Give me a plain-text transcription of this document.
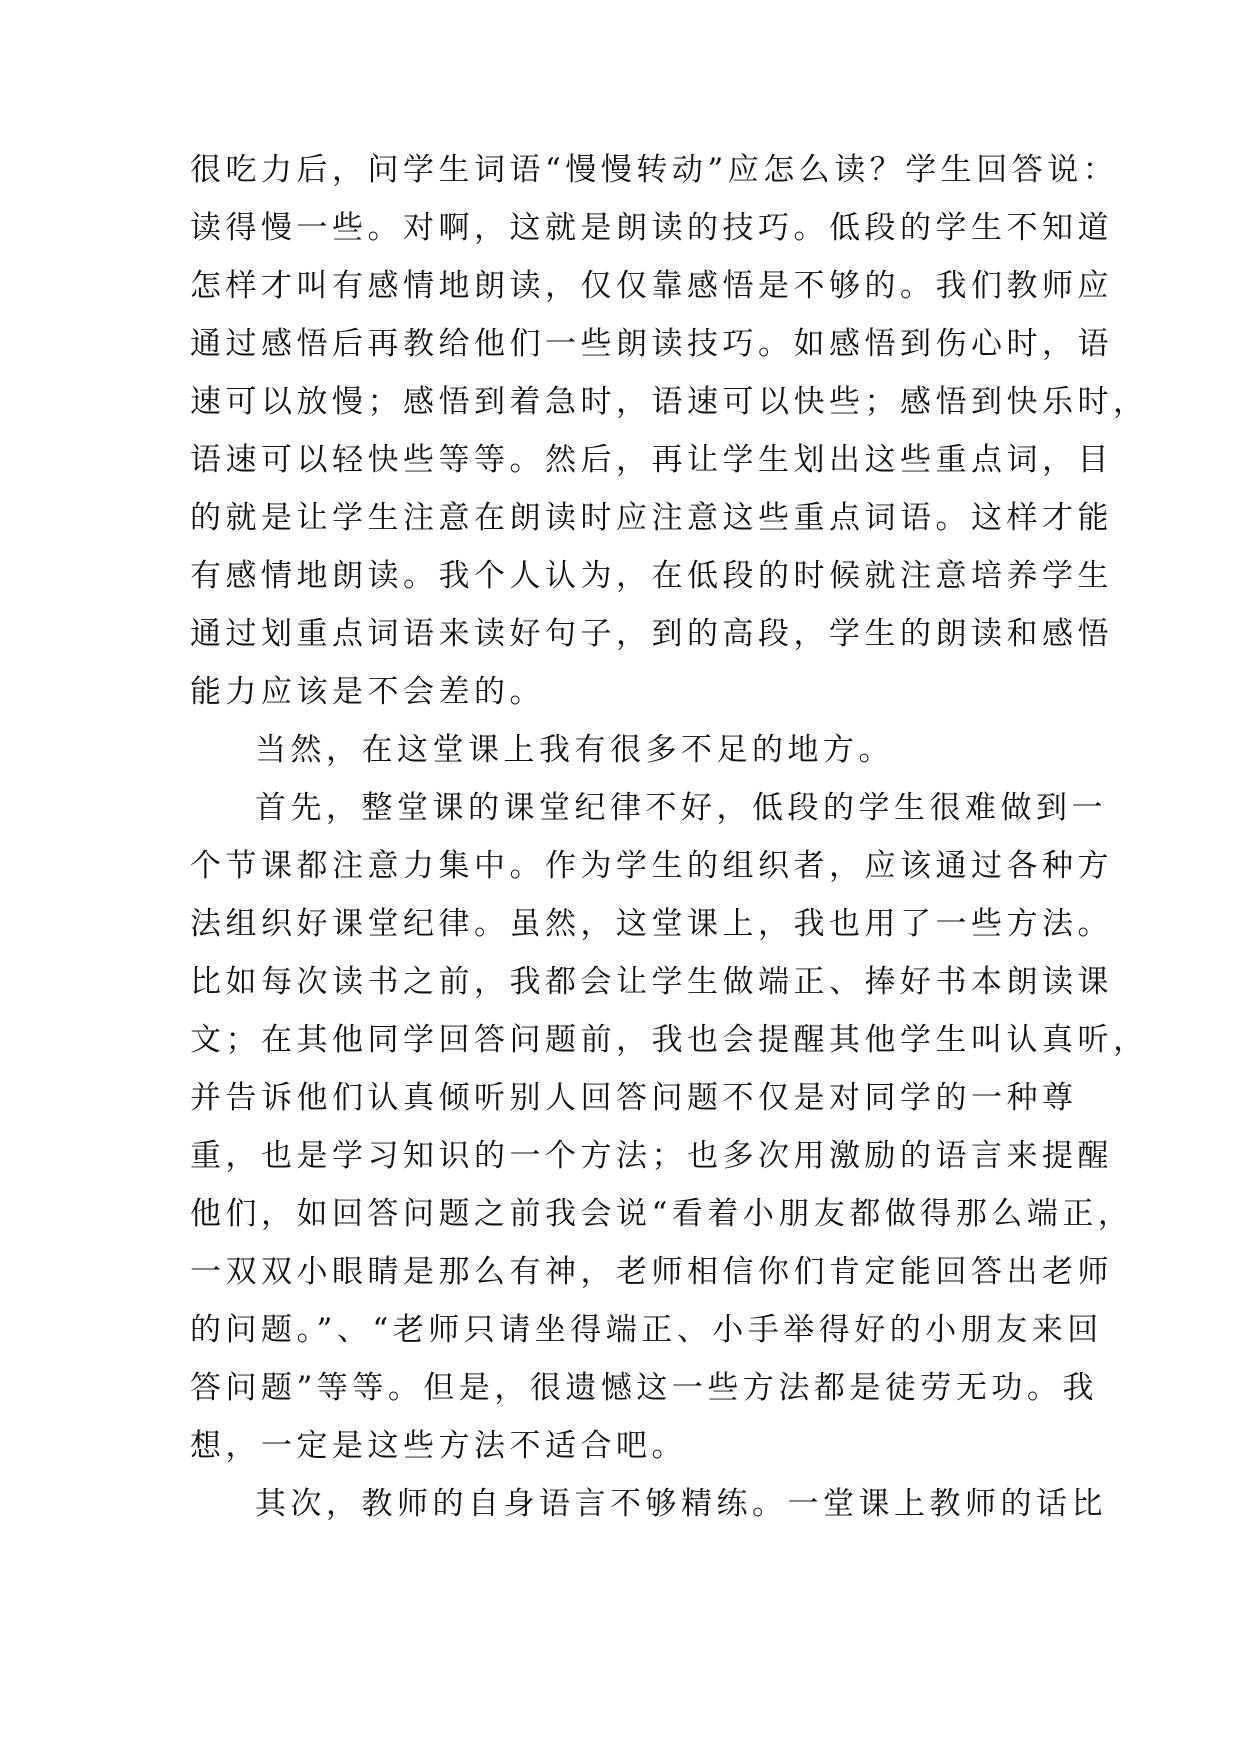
很吃力后，问学生词语“慢慢转动”应怎么读？学生回答说：
读得慢一些。对啊，这就是朗读的技巧。低段的学生不知道
怎样才叫有感情地朗读，仅仅靠感悟是不够的。我们教师应
通过感悟后再教给他们一些朗读技巧。如感悟到伤心时，语
速可以放慢；感悟到着急时，语速可以快些；感悟到快乐时，
语速可以轻快些等等。然后，再让学生划出这些重点词，目
的就是让学生注意在朗读时应注意这些重点词语。这样才能
有感情地朗读。我个人认为，在低段的时候就注意培养学生
通过划重点词语来读好句子，到的高段，学生的朗读和感悟
能力应该是不会差的。
当然，在这堂课上我有很多不足的地方。
首先，整堂课的课堂纪律不好，低段的学生很难做到一
个节课都注意力集中。作为学生的组织者，应该通过各种方
法组织好课堂纪律。虽然，这堂课上，我也用了一些方法。
比如每次读书之前，我都会让学生做端正、捧好书本朗读课
文；在其他同学回答问题前，我也会提醒其他学生叫认真听，
并告诉他们认真倾听别人回答问题不仅是对同学的一种尊
重，也是学习知识的一个方法；也多次用激励的语言来提醒
他们，如回答问题之前我会说“看着小朋友都做得那么端正，
一双双小眼睛是那么有神，老师相信你们肯定能回答出老师
的问题。”、“老师只请坐得端正、小手举得好的小朋友来回
答问题”等等。但是，很遗憾这一些方法都是徒劳无功。我
想，一定是这些方法不适合吧。
其次，教师的自身语言不够精练。一堂课上教师的话比
